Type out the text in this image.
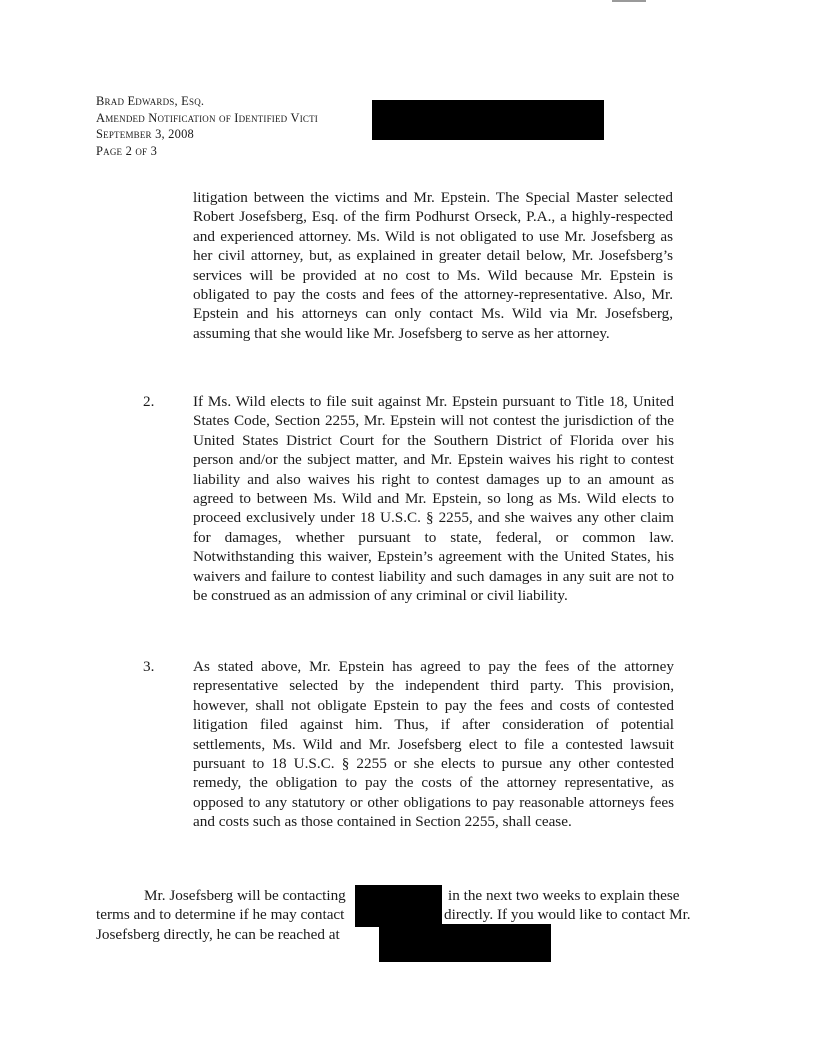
Brad Edwards, Esq.
Amended Notification of Identified Victi
September 3, 2008
Page 2 of 3
litigation between the victims and Mr. Epstein. The Special Master selected Robert Josefsberg, Esq. of the firm Podhurst Orseck, P.A., a highly-respected and experienced attorney. Ms. Wild is not obligated to use Mr. Josefsberg as her civil attorney, but, as explained in greater detail below, Mr. Josefsberg’s services will be provided at no cost to Ms. Wild because Mr. Epstein is obligated to pay the costs and fees of the attorney-representative. Also, Mr. Epstein and his attorneys can only contact Ms. Wild via Mr. Josefsberg, assuming that she would like Mr. Josefsberg to serve as her attorney.
2.	If Ms. Wild elects to file suit against Mr. Epstein pursuant to Title 18, United States Code, Section 2255, Mr. Epstein will not contest the jurisdiction of the United States District Court for the Southern District of Florida over his person and/or the subject matter, and Mr. Epstein waives his right to contest liability and also waives his right to contest damages up to an amount as agreed to between Ms. Wild and Mr. Epstein, so long as Ms. Wild elects to proceed exclusively under 18 U.S.C. § 2255, and she waives any other claim for damages, whether pursuant to state, federal, or common law. Notwithstanding this waiver, Epstein’s agreement with the United States, his waivers and failure to contest liability and such damages in any suit are not to be construed as an admission of any criminal or civil liability.
3.	As stated above, Mr. Epstein has agreed to pay the fees of the attorney representative selected by the independent third party. This provision, however, shall not obligate Epstein to pay the fees and costs of contested litigation filed against him. Thus, if after consideration of potential settlements, Ms. Wild and Mr. Josefsberg elect to file a contested lawsuit pursuant to 18 U.S.C. § 2255 or she elects to pursue any other contested remedy, the obligation to pay the costs of the attorney representative, as opposed to any statutory or other obligations to pay reasonable attorneys fees and costs such as those contained in Section 2255, shall cease.
Mr. Josefsberg will be contacting	in the next two weeks to explain these
terms and to determine if he may contact	directly. If you would like to contact Mr.
Josefsberg directly, he can be reached at
